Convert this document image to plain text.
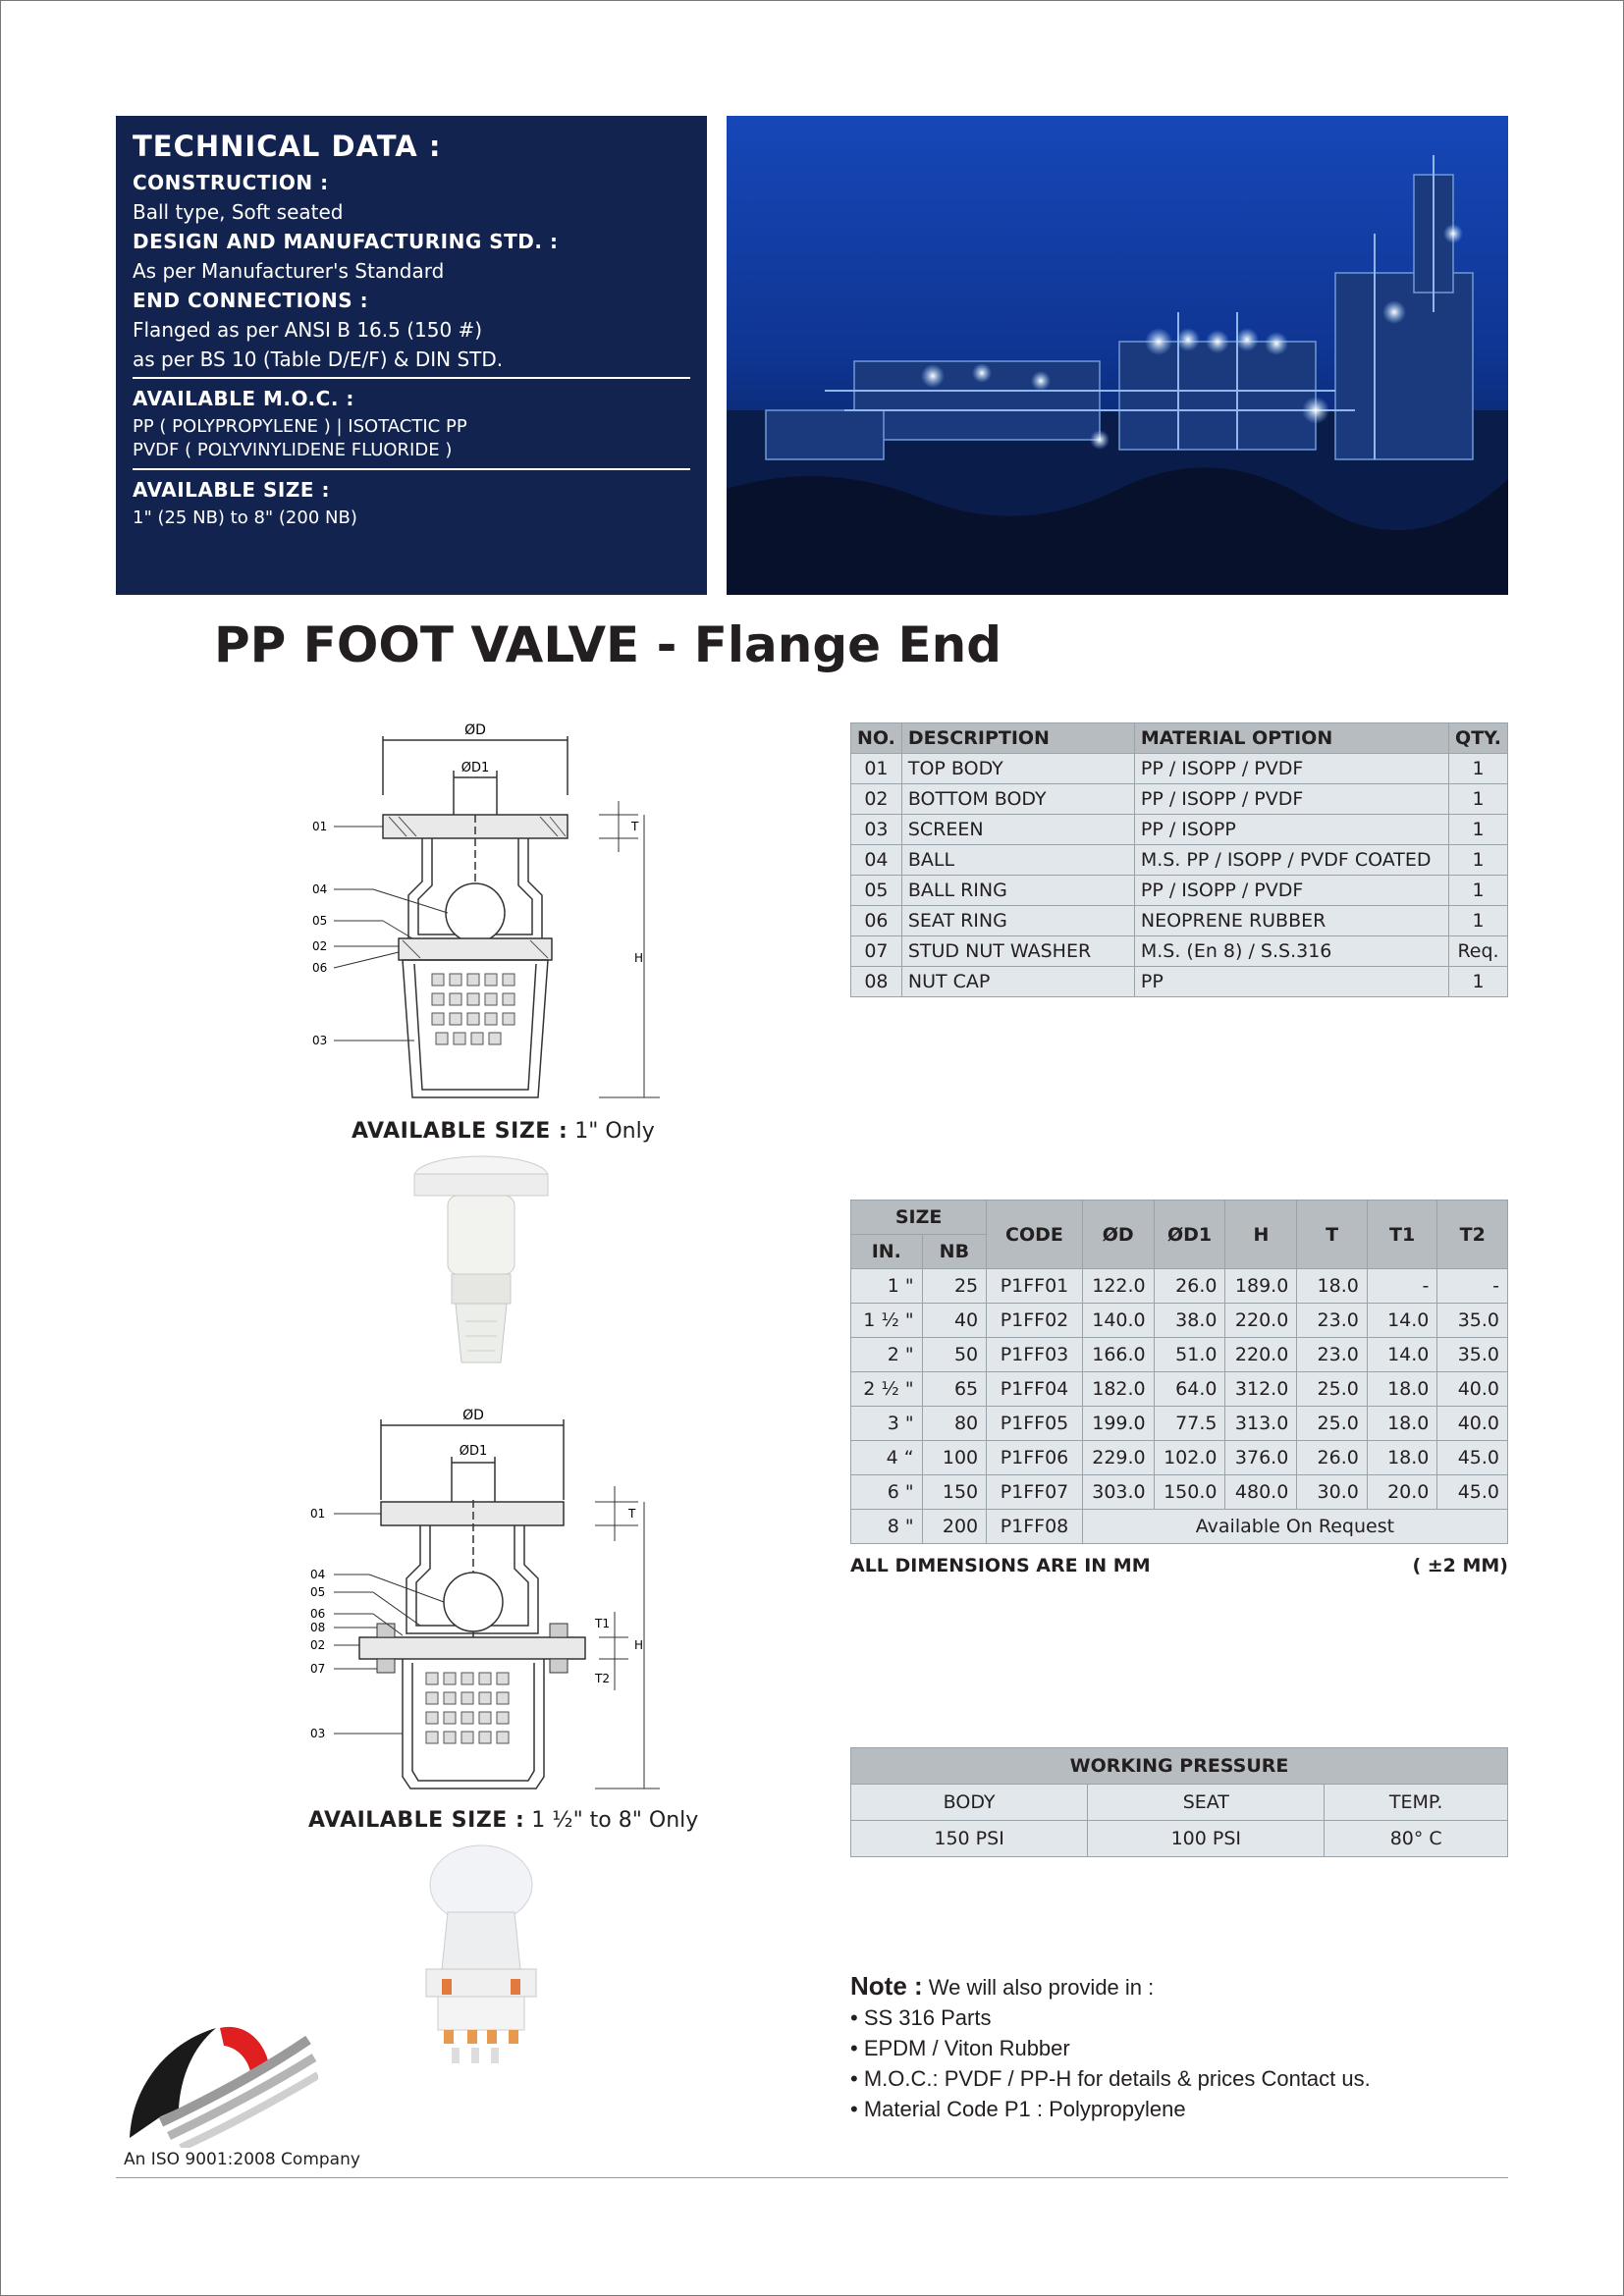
TECHNICAL DATA :
CONSTRUCTION :
Ball type, Soft seated
DESIGN AND MANUFACTURING STD. :
As per Manufacturer's Standard
END CONNECTIONS :
Flanged as per ANSI B 16.5 (150 #)
as per BS 10 (Table D/E/F) & DIN STD.
AVAILABLE M.O.C. :
PP ( POLYPROPYLENE ) | ISOTACTIC PP
PVDF ( POLYVINYLIDENE FLUORIDE )
AVAILABLE SIZE :
1" (25 NB) to 8" (200 NB)
PP FOOT VALVE - Flange End
ØD
ØD1
T
H
01
04
05
02
06
03
AVAILABLE SIZE : 1" Only
ØD
ØD1
T
T1
T2
H
01
04
05
06
08
02
07
03
AVAILABLE SIZE : 1 ½" to 8" Only
NO.	DESCRIPTION	MATERIAL OPTION	QTY.
01	TOP BODY	PP / ISOPP / PVDF	1
02	BOTTOM BODY	PP / ISOPP / PVDF	1
03	SCREEN	PP / ISOPP	1
04	BALL	M.S. PP / ISOPP / PVDF COATED	1
05	BALL RING	PP / ISOPP / PVDF	1
06	SEAT RING	NEOPRENE RUBBER	1
07	STUD NUT WASHER	M.S. (En 8) / S.S.316	Req.
08	NUT CAP	PP	1
SIZE		CODE	ØD	ØD1	H	T	T1	T2
IN.	NB							
1 "	25	P1FF01	122.0	26.0	189.0	18.0	-	-
1 ½ "	40	P1FF02	140.0	38.0	220.0	23.0	14.0	35.0
2 "	50	P1FF03	166.0	51.0	220.0	23.0	14.0	35.0
2 ½ "	65	P1FF04	182.0	64.0	312.0	25.0	18.0	40.0
3 "	80	P1FF05	199.0	77.5	313.0	25.0	18.0	40.0
4 “	100	P1FF06	229.0	102.0	376.0	26.0	18.0	45.0
6 "	150	P1FF07	303.0	150.0	480.0	30.0	20.0	45.0
8 "	200	P1FF08	Available On Request					
ALL DIMENSIONS ARE IN MM	( ±2 MM)
WORKING PRESSURE		
BODY	SEAT	TEMP.
150 PSI	100 PSI	80° C
Note : We will also provide in :
• SS 316 Parts
• EPDM / Viton Rubber
• M.O.C.: PVDF / PP-H for details & prices Contact us.
• Material Code P1 : Polypropylene
An ISO 9001:2008 Company
